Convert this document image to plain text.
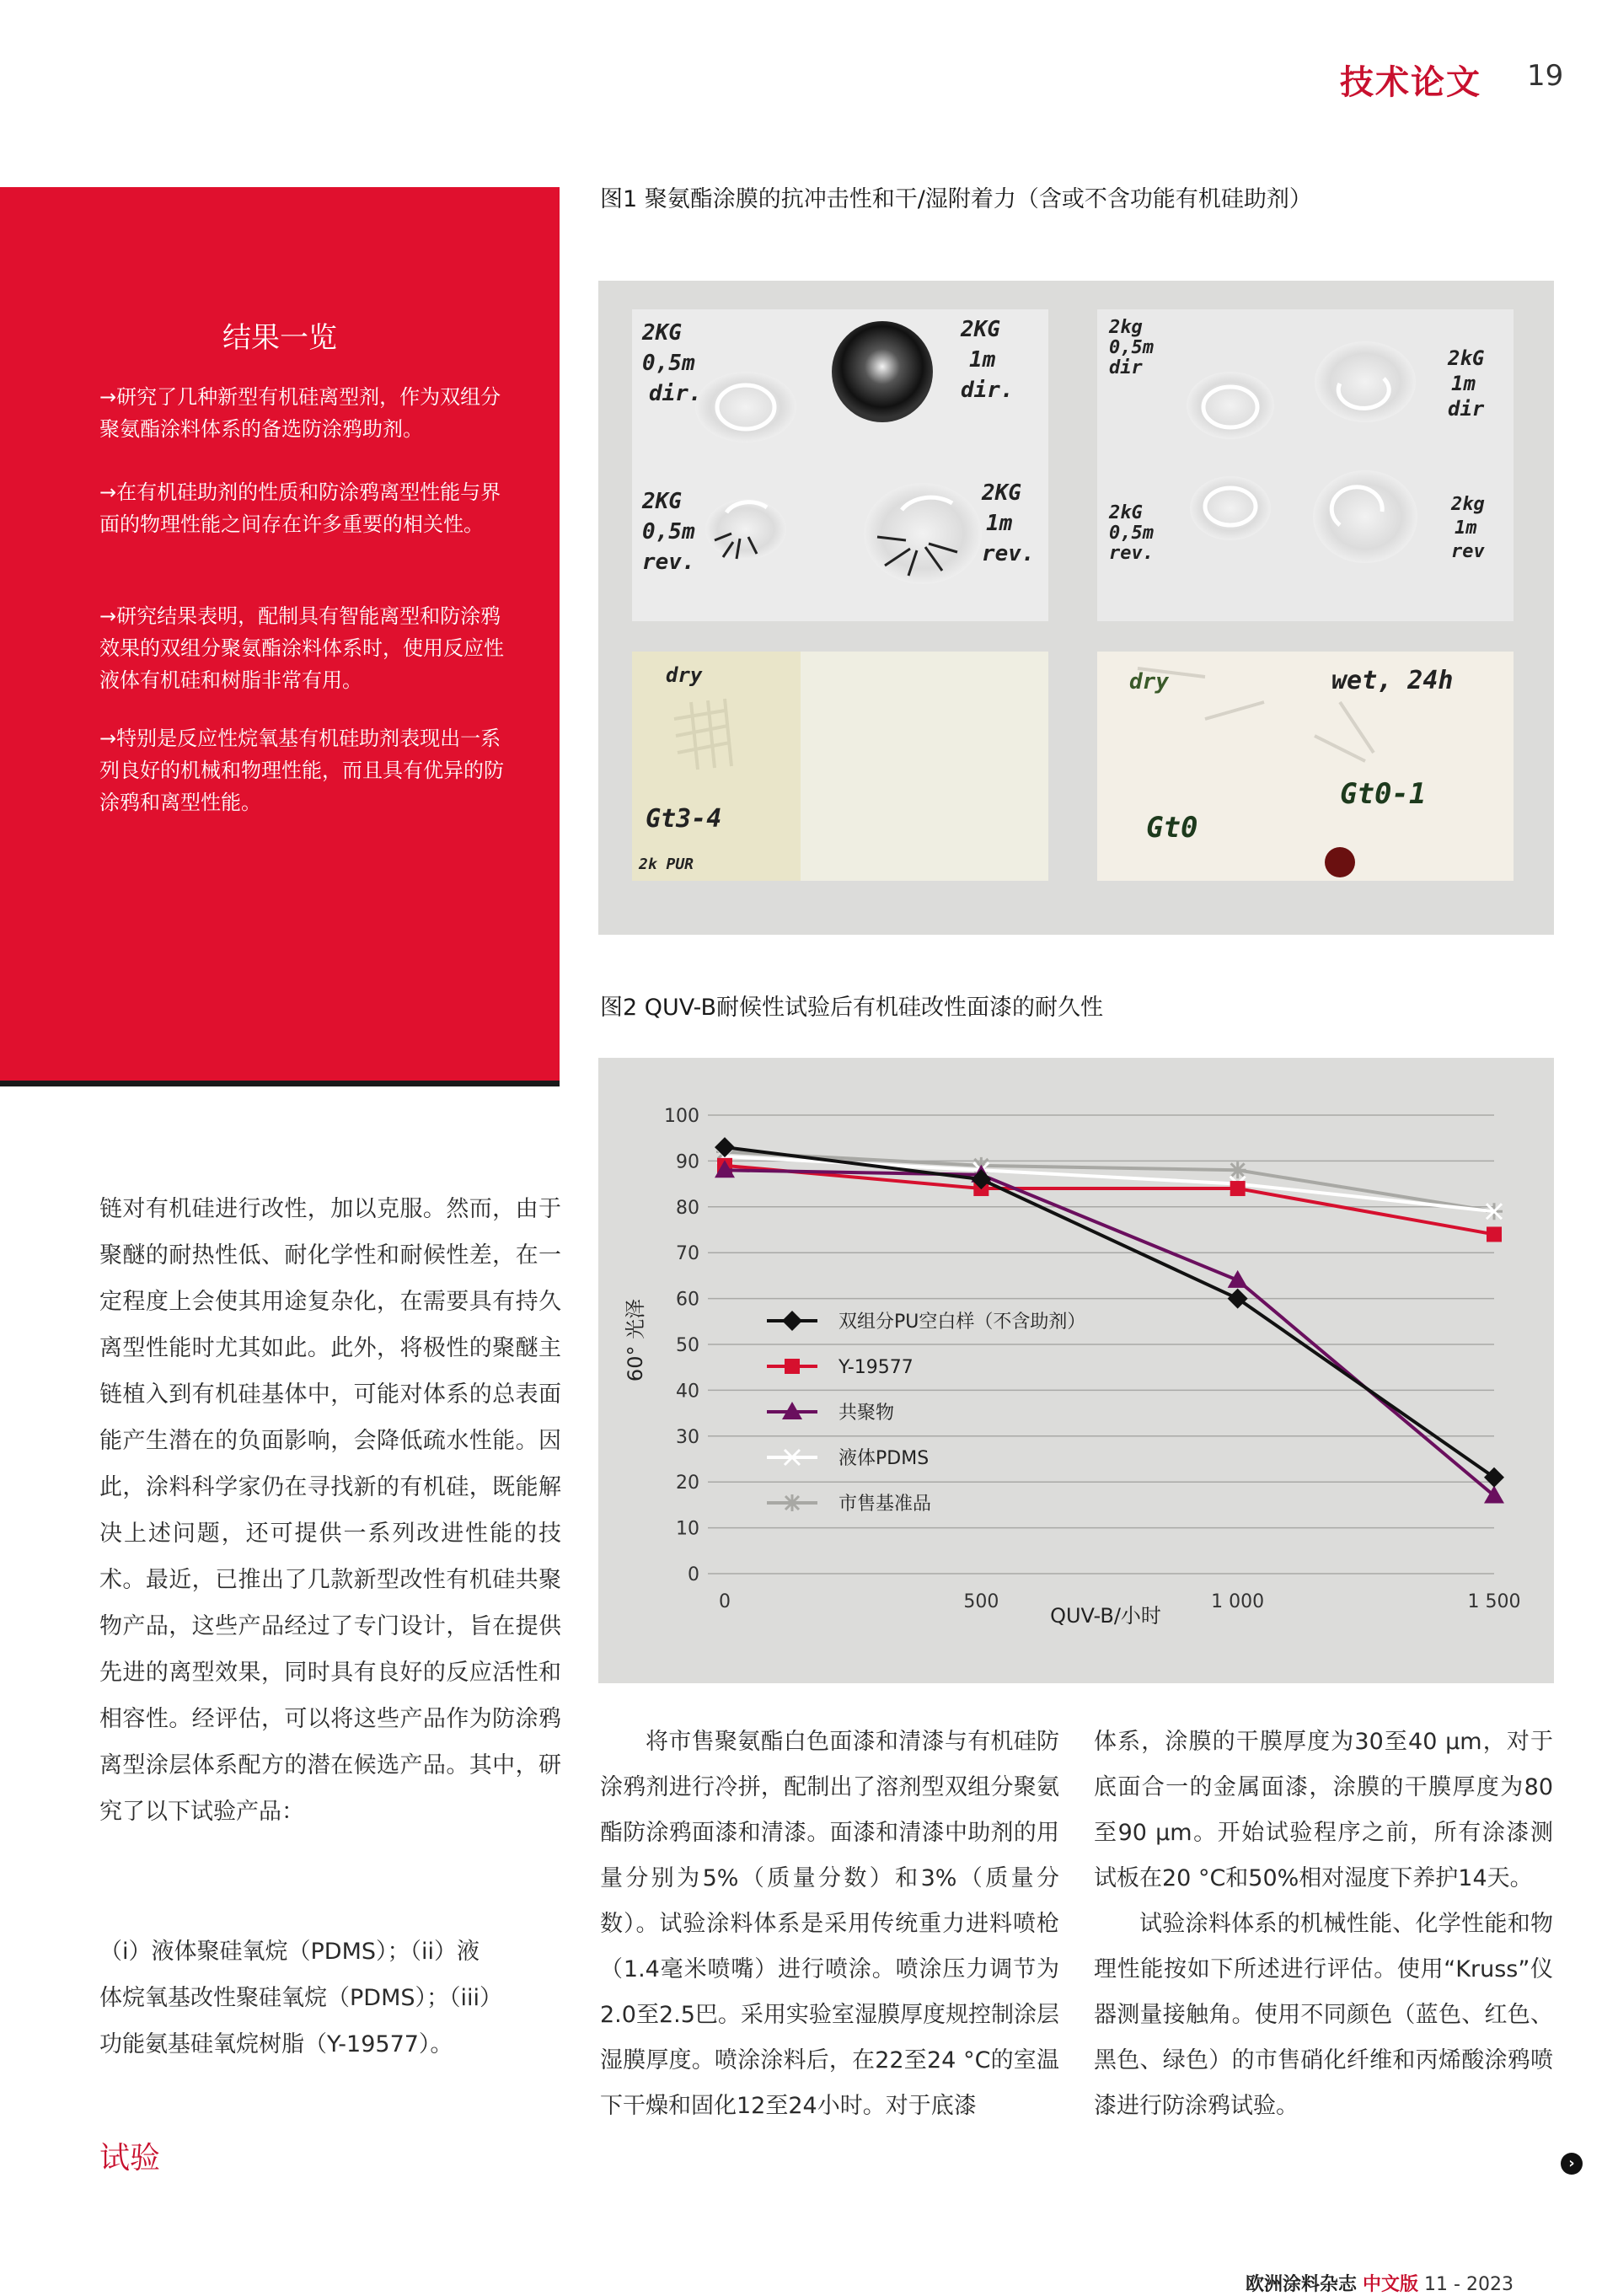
技术论文 19
结果一览
→研究了几种新型有机硅离型剂，作为双组分聚氨酯涂料体系的备选防涂鸦助剂。
→在有机硅助剂的性质和防涂鸦离型性能与界面的物理性能之间存在许多重要的相关性。
→研究结果表明，配制具有智能离型和防涂鸦效果的双组分聚氨酯涂料体系时，使用反应性液体有机硅和树脂非常有用。
→特别是反应性烷氧基有机硅助剂表现出一系列良好的机械和物理性能，而且具有优异的防涂鸦和离型性能。

链对有机硅进行改性，加以克服。然而，由于聚醚的耐热性低、耐化学性和耐候性差，在一定程度上会使其用途复杂化，在需要具有持久离型性能时尤其如此。此外，将极性的聚醚主链植入到有机硅基体中，可能对体系的总表面能产生潜在的负面影响，会降低疏水性能。因此，涂料科学家仍在寻找新的有机硅，既能解决上述问题，还可提供一系列改进性能的技术。最近，已推出了几款新型改性有机硅共聚物产品，这些产品经过了专门设计，旨在提供先进的离型效果，同时具有良好的反应活性和相容性。经评估，可以将这些产品作为防涂鸦离型涂层体系配方的潜在候选产品。其中，研究了以下试验产品：

（i）液体聚硅氧烷（PDMS）；（ii）液
体烷氧基改性聚硅氧烷（PDMS）；（iii）
功能氨基硅氧烷树脂（Y-19577）。
试验
图1 聚氨酯涂膜的抗冲击性和干/湿附着力（含或不含功能有机硅助剂）
2KG
0,5m
dir.
2KG
1m
dir.
2KG
0,5m
rev.
2KG
1m
rev.
2kg
0,5m
dir	2kG
1m
dir
2kG
0,5m
rev.
2kg
1m
rev
dry
Gt3-4
2k PUR
dry	wet, 24h
Gt0
Gt0-1
图2 QUV-B耐候性试验后有机硅改性面漆的耐久性
0
10
20
30
40
50
60
70
80
90
100
0	500	1 000	1 500
双组分PU空白样（不含助剂）
Y-19577
共聚物
液体PDMS
市售基准品
60° 光泽
QUV-B/小时

将市售聚氨酯白色面漆和清漆与有机硅防涂鸦剂进行冷拼，配制出了溶剂型双组分聚氨酯防涂鸦面漆和清漆。面漆和清漆中助剂的用量分别为5%（质量分数）和3%（质量分数）。试验涂料体系是采用传统重力进料喷枪（1.4毫米喷嘴）进行喷涂。喷涂压力调节为2.0至2.5巴。采用实验室湿膜厚度规控制涂层湿膜厚度。喷涂涂料后，在22至24 °C的室温下干燥和固化12至24小时。对于底漆

体系，涂膜的干膜厚度为30至40 μm，对于底面合一的金属面漆，涂膜的干膜厚度为80至90 μm。开始试验程序之前，所有涂漆测试板在20 °C和50%相对湿度下养护14天。

试验涂料体系的机械性能、化学性能和物理性能按如下所述进行评估。使用“Kruss”仪器测量接触角。使用不同颜色（蓝色、红色、黑色、绿色）的市售硝化纤维和丙烯酸涂鸦喷漆进行防涂鸦试验。

›
欧洲涂料杂志 中文版 11 - 2023
